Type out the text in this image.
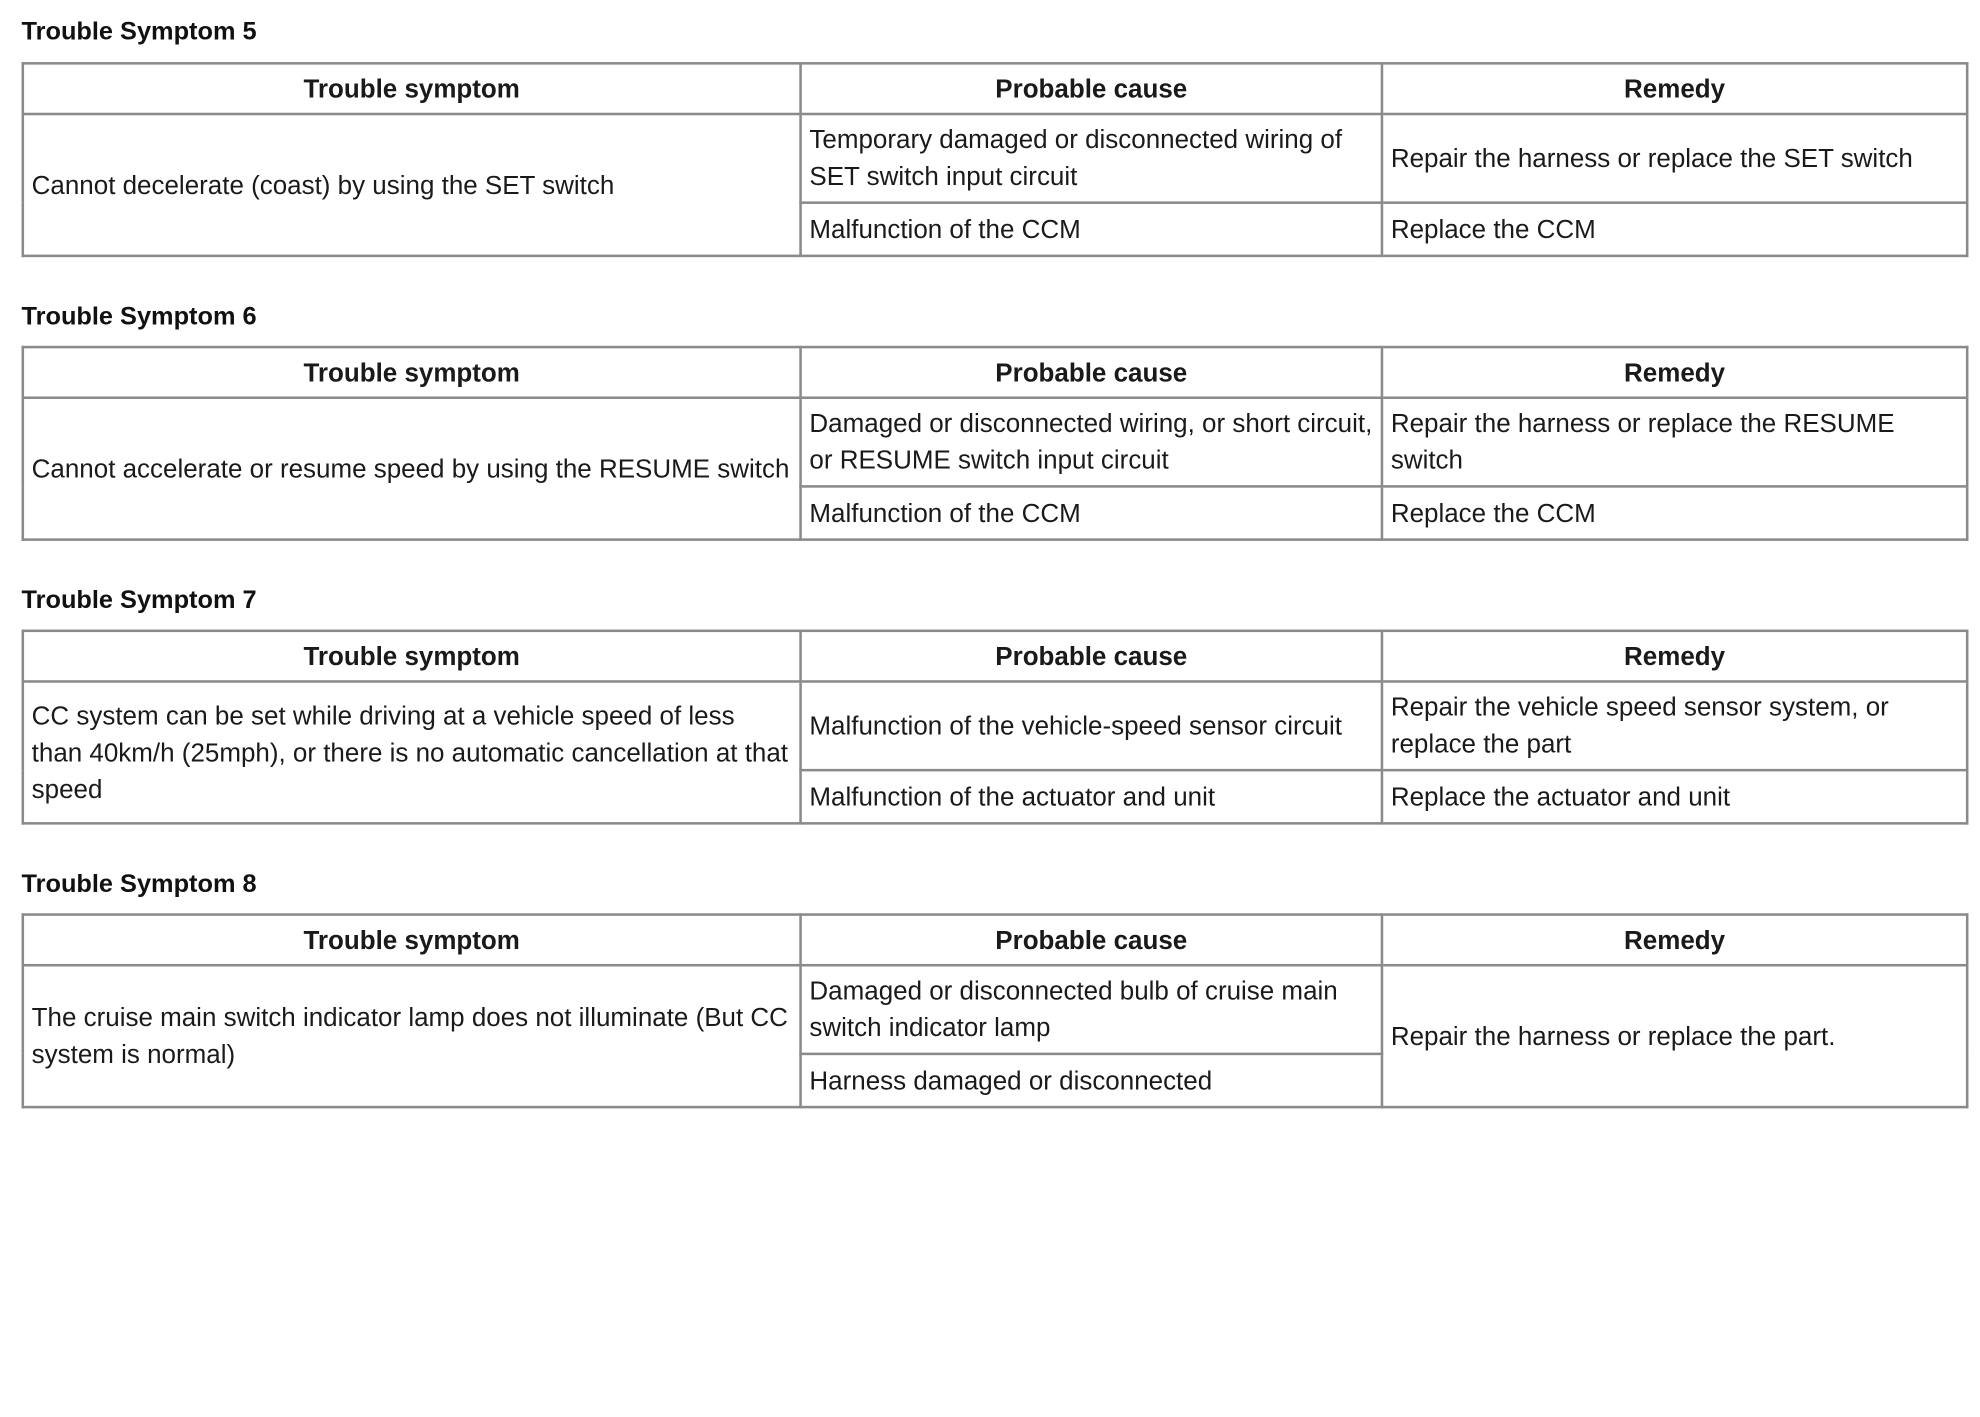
Trouble Symptom 5
Trouble symptom	Probable cause	Remedy
Cannot decelerate (coast) by using the SET switch	Temporary damaged or disconnected wiring of SET switch input circuit	Repair the harness or replace the SET switch
	Malfunction of the CCM	Replace the CCM
Trouble Symptom 6
Trouble symptom	Probable cause	Remedy
Cannot accelerate or resume speed by using the RESUME switch	Damaged or disconnected wiring, or short circuit, or RESUME switch input circuit	Repair the harness or replace the RESUME switch
	Malfunction of the CCM	Replace the CCM
Trouble Symptom 7
Trouble symptom	Probable cause	Remedy
CC system can be set while driving at a vehicle speed of less than 40km/h (25mph), or there is no automatic cancellation at that speed	Malfunction of the vehicle-speed sensor circuit	Repair the vehicle speed sensor system, or replace the part
	Malfunction of the actuator and unit	Replace the actuator and unit
Trouble Symptom 8
Trouble symptom	Probable cause	Remedy
The cruise main switch indicator lamp does not illuminate (But CC system is normal)	Damaged or disconnected bulb of cruise main switch indicator lamp	Repair the harness or replace the part.
	Harness damaged or disconnected	
